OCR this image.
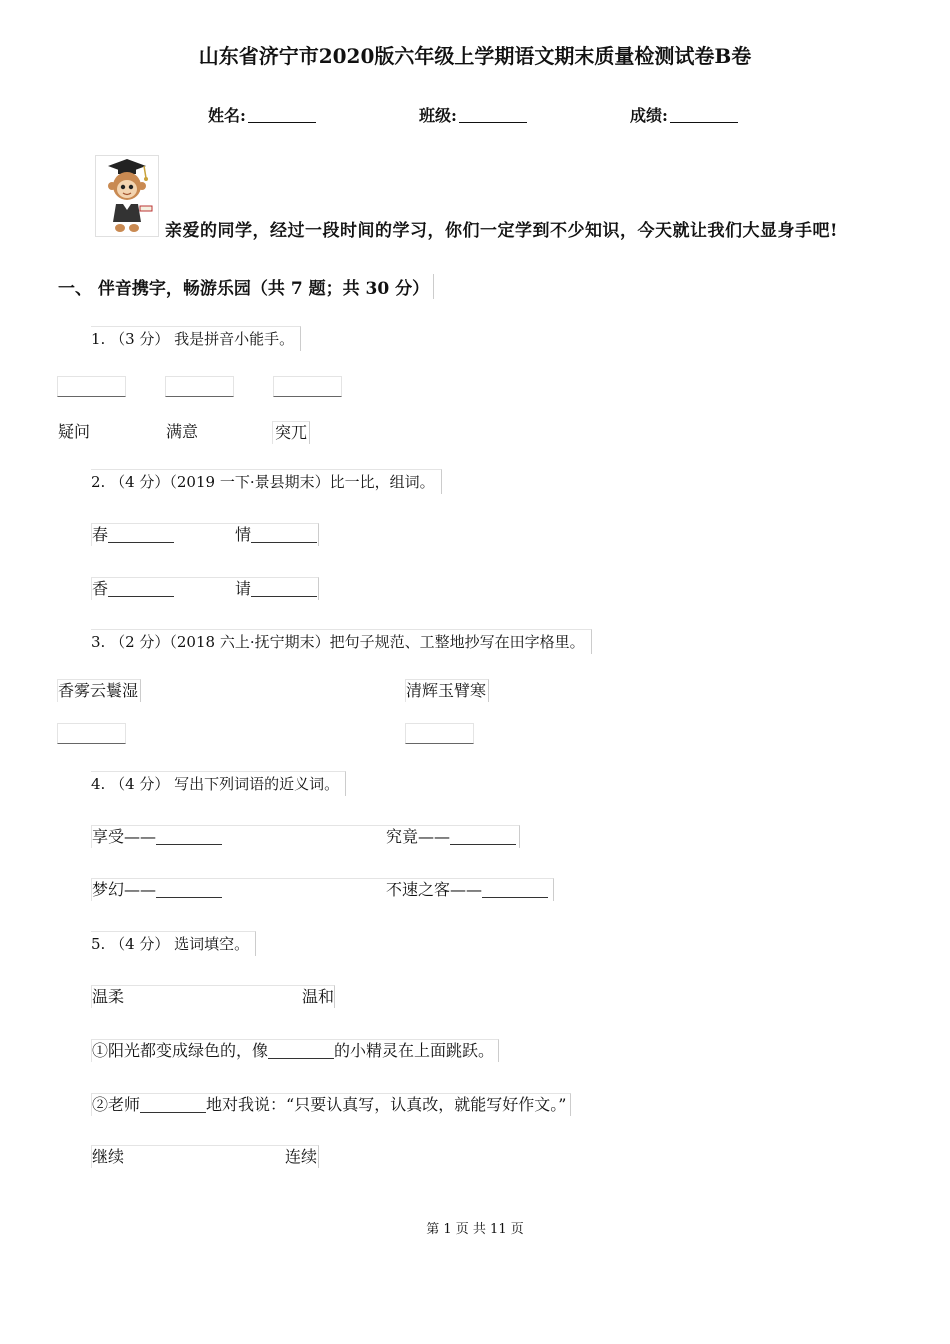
山东省济宁市2020版六年级上学期语文期末质量检测试卷B卷
姓名:	班级:	成绩:
亲爱的同学，经过一段时间的学习，你们一定学到不少知识，今天就让我们大显身手吧!
一、 伴音携字，畅游乐园（共 7 题；共 30 分）
1. （3 分） 我是拼音小能手。
疑问	满意	突兀
2. （4 分）（2019 一下·景县期末）比一比，组词。
春	情
香	请
3. （2 分）（2018 六上·抚宁期末）把句子规范、工整地抄写在田字格里。
香雾云鬟湿	清辉玉臂寒
4. （4 分） 写出下列词语的近义词。
享受——	究竟——
梦幻——	不速之客——
5. （4 分） 选词填空。
温柔	温和
①阳光都变成绿色的，像	的小精灵在上面跳跃。
②老师	地对我说：“只要认真写，认真改，就能写好作文。”
继续	连续
第 1 页 共 11 页
